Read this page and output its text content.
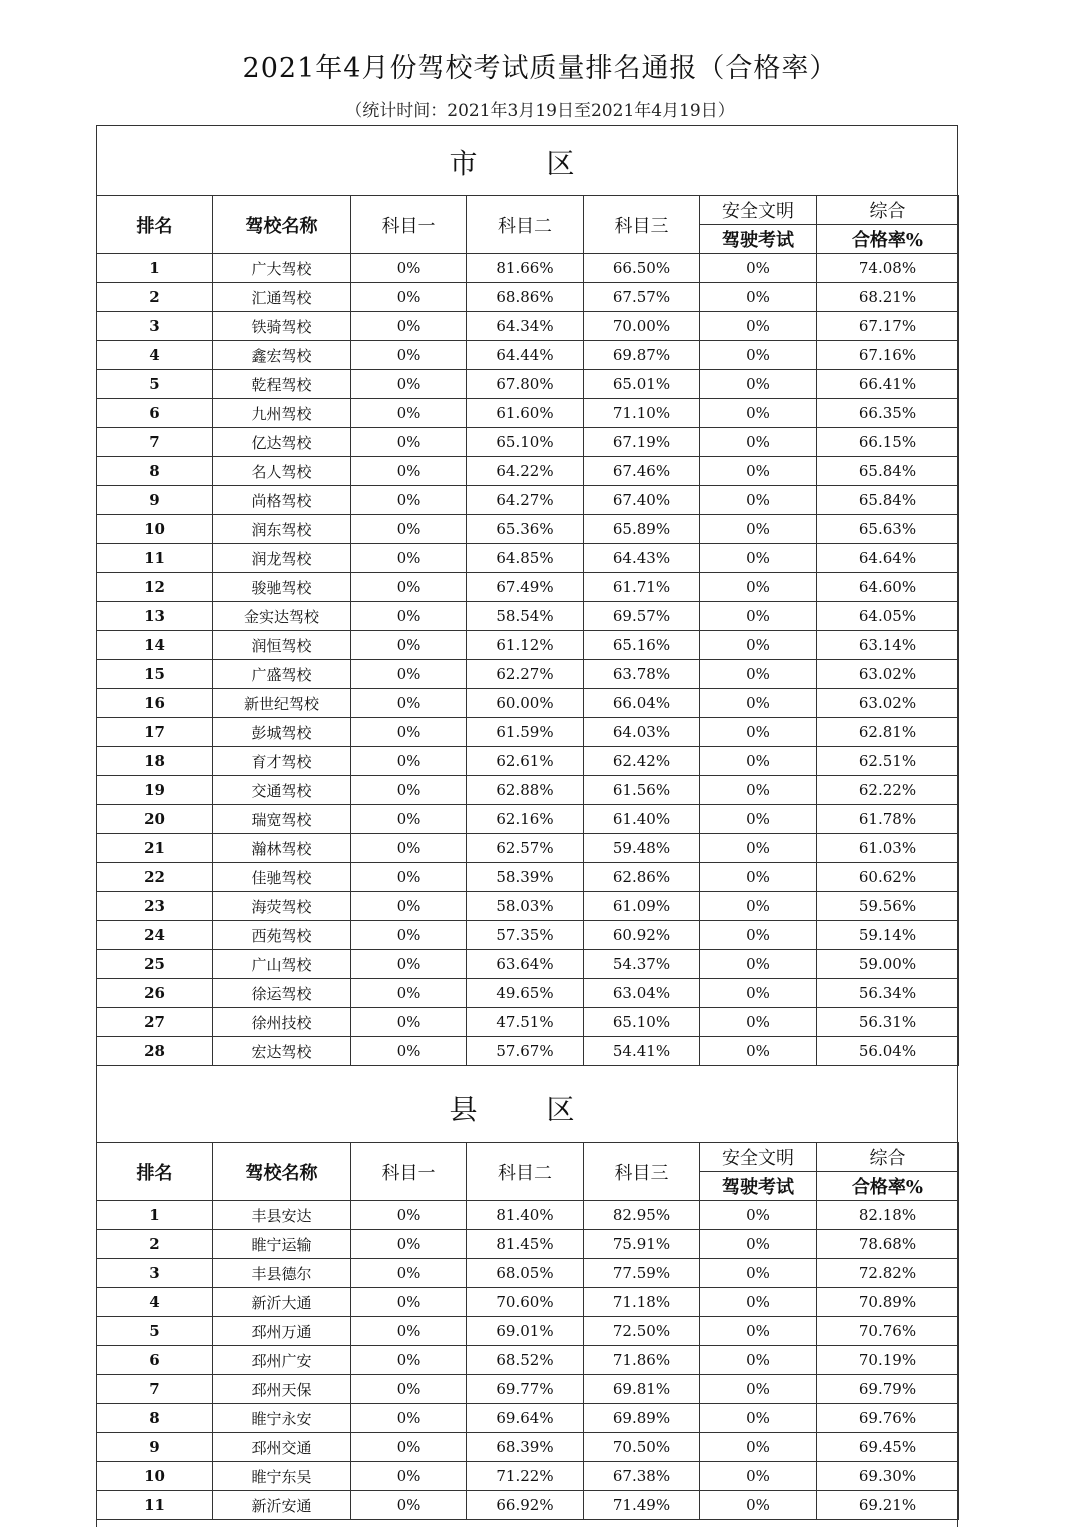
2021年4月份驾校考试质量排名通报（合格率）
（统计时间：2021年3月19日至2021年4月19日）
市 区
排名	驾校名称	科目一	科目二	科目三	安全文明	综合
					驾驶考试	合格率%
1	广大驾校	0%	81.66%	66.50%	0%	74.08%
2	汇通驾校	0%	68.86%	67.57%	0%	68.21%
3	铁骑驾校	0%	64.34%	70.00%	0%	67.17%
4	鑫宏驾校	0%	64.44%	69.87%	0%	67.16%
5	乾程驾校	0%	67.80%	65.01%	0%	66.41%
6	九州驾校	0%	61.60%	71.10%	0%	66.35%
7	亿达驾校	0%	65.10%	67.19%	0%	66.15%
8	名人驾校	0%	64.22%	67.46%	0%	65.84%
9	尚格驾校	0%	64.27%	67.40%	0%	65.84%
10	润东驾校	0%	65.36%	65.89%	0%	65.63%
11	润龙驾校	0%	64.85%	64.43%	0%	64.64%
12	骏驰驾校	0%	67.49%	61.71%	0%	64.60%
13	金实达驾校	0%	58.54%	69.57%	0%	64.05%
14	润恒驾校	0%	61.12%	65.16%	0%	63.14%
15	广盛驾校	0%	62.27%	63.78%	0%	63.02%
16	新世纪驾校	0%	60.00%	66.04%	0%	63.02%
17	彭城驾校	0%	61.59%	64.03%	0%	62.81%
18	育才驾校	0%	62.61%	62.42%	0%	62.51%
19	交通驾校	0%	62.88%	61.56%	0%	62.22%
20	瑞宽驾校	0%	62.16%	61.40%	0%	61.78%
21	瀚林驾校	0%	62.57%	59.48%	0%	61.03%
22	佳驰驾校	0%	58.39%	62.86%	0%	60.62%
23	海荧驾校	0%	58.03%	61.09%	0%	59.56%
24	西苑驾校	0%	57.35%	60.92%	0%	59.14%
25	广山驾校	0%	63.64%	54.37%	0%	59.00%
26	徐运驾校	0%	49.65%	63.04%	0%	56.34%
27	徐州技校	0%	47.51%	65.10%	0%	56.31%
28	宏达驾校	0%	57.67%	54.41%	0%	56.04%
县 区
排名	驾校名称	科目一	科目二	科目三	安全文明	综合
					驾驶考试	合格率%
1	丰县安达	0%	81.40%	82.95%	0%	82.18%
2	睢宁运输	0%	81.45%	75.91%	0%	78.68%
3	丰县德尔	0%	68.05%	77.59%	0%	72.82%
4	新沂大通	0%	70.60%	71.18%	0%	70.89%
5	邳州万通	0%	69.01%	72.50%	0%	70.76%
6	邳州广安	0%	68.52%	71.86%	0%	70.19%
7	邳州天保	0%	69.77%	69.81%	0%	69.79%
8	睢宁永安	0%	69.64%	69.89%	0%	69.76%
9	邳州交通	0%	68.39%	70.50%	0%	69.45%
10	睢宁东吴	0%	71.22%	67.38%	0%	69.30%
11	新沂安通	0%	66.92%	71.49%	0%	69.21%
